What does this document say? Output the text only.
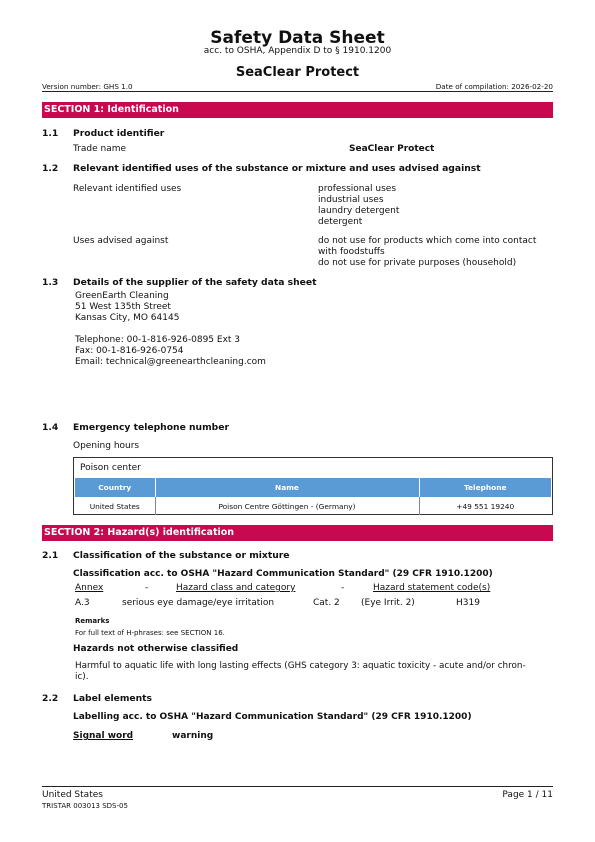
Safety Data Sheet
acc. to OSHA, Appendix D to § 1910.1200
SeaClear Protect
Version number: GHS 1.0	Date of compilation: 2026-02-20
SECTION 1: Identification
1.1 Product identifier
Trade name	SeaClear Protect
1.2 Relevant identified uses of the substance or mixture and uses advised against
Relevant identified uses	professional uses
industrial uses
laundry detergent
detergent
Uses advised against	do not use for products which come into contact
with foodstuffs
do not use for private purposes (household)
1.3 Details of the supplier of the safety data sheet
GreenEarth Cleaning
51 West 135th Street
Kansas City, MO 64145
Telephone: 00-1-816-926-0895 Ext 3
Fax: 00-1-816-926-0754
Email: technical@greenearthcleaning.com
1.4 Emergency telephone number
Opening hours
Poison center
Country	Name	Telephone
United States	Poison Centre Göttingen - (Germany)	+49 551 19240
SECTION 2: Hazard(s) identification
2.1 Classification of the substance or mixture
Classification acc. to OSHA "Hazard Communication Standard" (29 CFR 1910.1200)
Annex	-	Hazard class and category	-	Hazard statement code(s)
A.3	serious eye damage/eye irritation	Cat. 2 (Eye Irrit. 2)	H319
Remarks
For full text of H-phrases: see SECTION 16.
Hazards not otherwise classified
Harmful to aquatic life with long lasting effects (GHS category 3: aquatic toxicity - acute and/or chron-
ic).
2.2 Label elements
Labelling acc. to OSHA "Hazard Communication Standard" (29 CFR 1910.1200)
Signal word	warning
United States	Page 1 / 11
TRISTAR 003013 SDS-05
